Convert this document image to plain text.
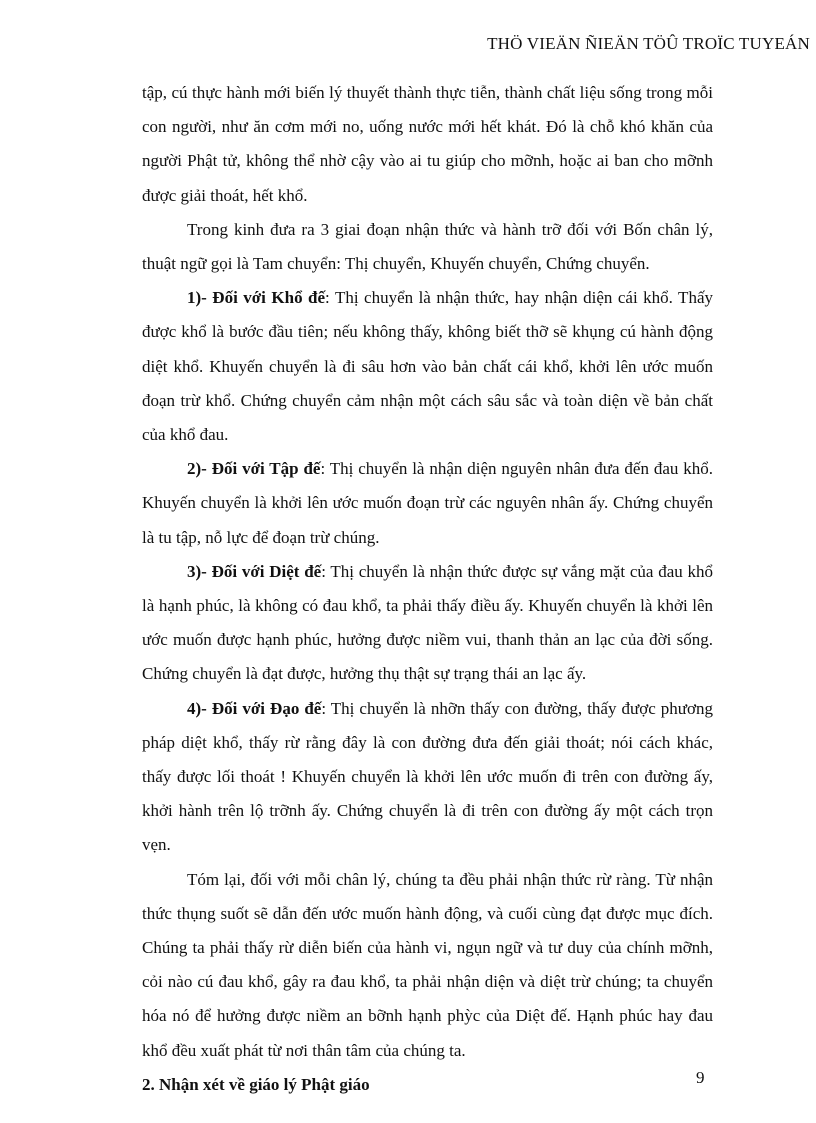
THÖ VIEÄN ÑIEÄN TÖÛ TROÏC TUYEÁN

tập, cú thực hành mới biến lý thuyết thành thực tiễn, thành chất liệu sống trong mỗi con người, như ăn cơm mới no, uống nước mới hết khát. Đó là chỗ khó khăn của người Phật tử, không thể nhờ cậy vào ai tu giúp cho mỡnh, hoặc ai ban cho mỡnh được giải thoát, hết khổ.

Trong kinh đưa ra 3 giai đoạn nhận thức và hành trỡ đối với Bốn chân lý, thuật ngữ gọi là Tam chuyển: Thị chuyển, Khuyến chuyển, Chứng chuyển.

1)- Đối với Khổ đế: Thị chuyển là nhận thức, hay nhận diện cái khổ. Thấy được khổ là bước đầu tiên; nếu không thấy, không biết thỡ sẽ khụng cú hành động diệt khổ. Khuyến chuyển là đi sâu hơn vào bản chất cái khổ, khởi lên ước muốn đoạn trừ khổ. Chứng chuyển cảm nhận một cách sâu sắc và toàn diện về bản chất của khổ đau.

2)- Đối với Tập đế: Thị chuyển là nhận diện nguyên nhân đưa đến đau khổ. Khuyến chuyển là khởi lên ước muốn đoạn trừ các nguyên nhân ấy. Chứng chuyển là tu tập, nỗ lực để đoạn trừ chúng.

3)- Đối với Diệt đế: Thị chuyển là nhận thức được sự vắng mặt của đau khổ là hạnh phúc, là không có đau khổ, ta phải thấy điều ấy. Khuyến chuyển là khởi lên ước muốn được hạnh phúc, hưởng được niềm vui, thanh thản an lạc của đời sống. Chứng chuyển là đạt được, hưởng thụ thật sự trạng thái an lạc ấy.

4)- Đối với Đạo đế: Thị chuyển là nhỡn thấy con đường, thấy được phương pháp diệt khổ, thấy rừ rằng đây là con đường đưa đến giải thoát; nói cách khác, thấy được lối thoát ! Khuyến chuyển là khởi lên ước muốn đi trên con đường ấy, khởi hành trên lộ trỡnh ấy. Chứng chuyển là đi trên con đường ấy một cách trọn vẹn.

Tóm lại, đối với mỗi chân lý, chúng ta đều phải nhận thức rừ ràng. Từ nhận thức thụng suốt sẽ dẫn đến ước muốn hành động, và cuối cùng đạt được mục đích. Chúng ta phải thấy rừ diễn biến của hành vi, ngụn ngữ và tư duy của chính mỡnh, cỏi nào cú đau khổ, gây ra đau khổ, ta phải nhận diện và diệt trừ chúng; ta chuyển hóa nó để hưởng được niềm an bỡnh hạnh phỳc của Diệt đế. Hạnh phúc hay đau khổ đều xuất phát từ nơi thân tâm của chúng ta.

2. Nhận xét về giáo lý Phật giáo	9
